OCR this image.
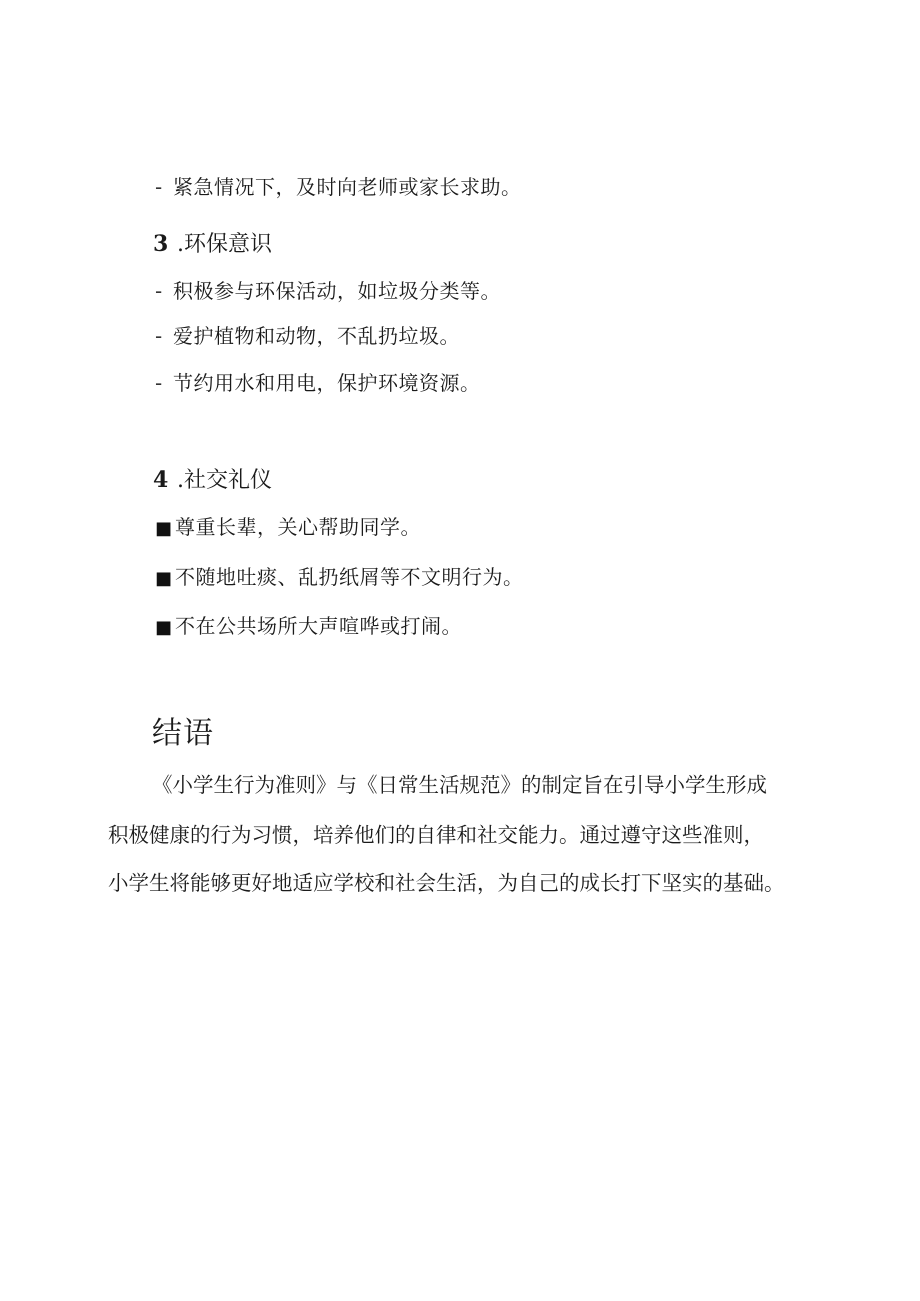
- 紧急情况下，及时向老师或家长求助。
3 .环保意识
- 积极参与环保活动，如垃圾分类等。
- 爱护植物和动物，不乱扔垃圾。
- 节约用水和用电，保护环境资源。
4 .社交礼仪
■ 尊重长辈，关心帮助同学。
■ 不随地吐痰、乱扔纸屑等不文明行为。
■ 不在公共场所大声喧哗或打闹。
结语
《小学生行为准则》与《日常生活规范》的制定旨在引导小学生形成
积极健康的行为习惯，培养他们的自律和社交能力。通过遵守这些准则，
小学生将能够更好地适应学校和社会生活，为自己的成长打下坚实的基础。
